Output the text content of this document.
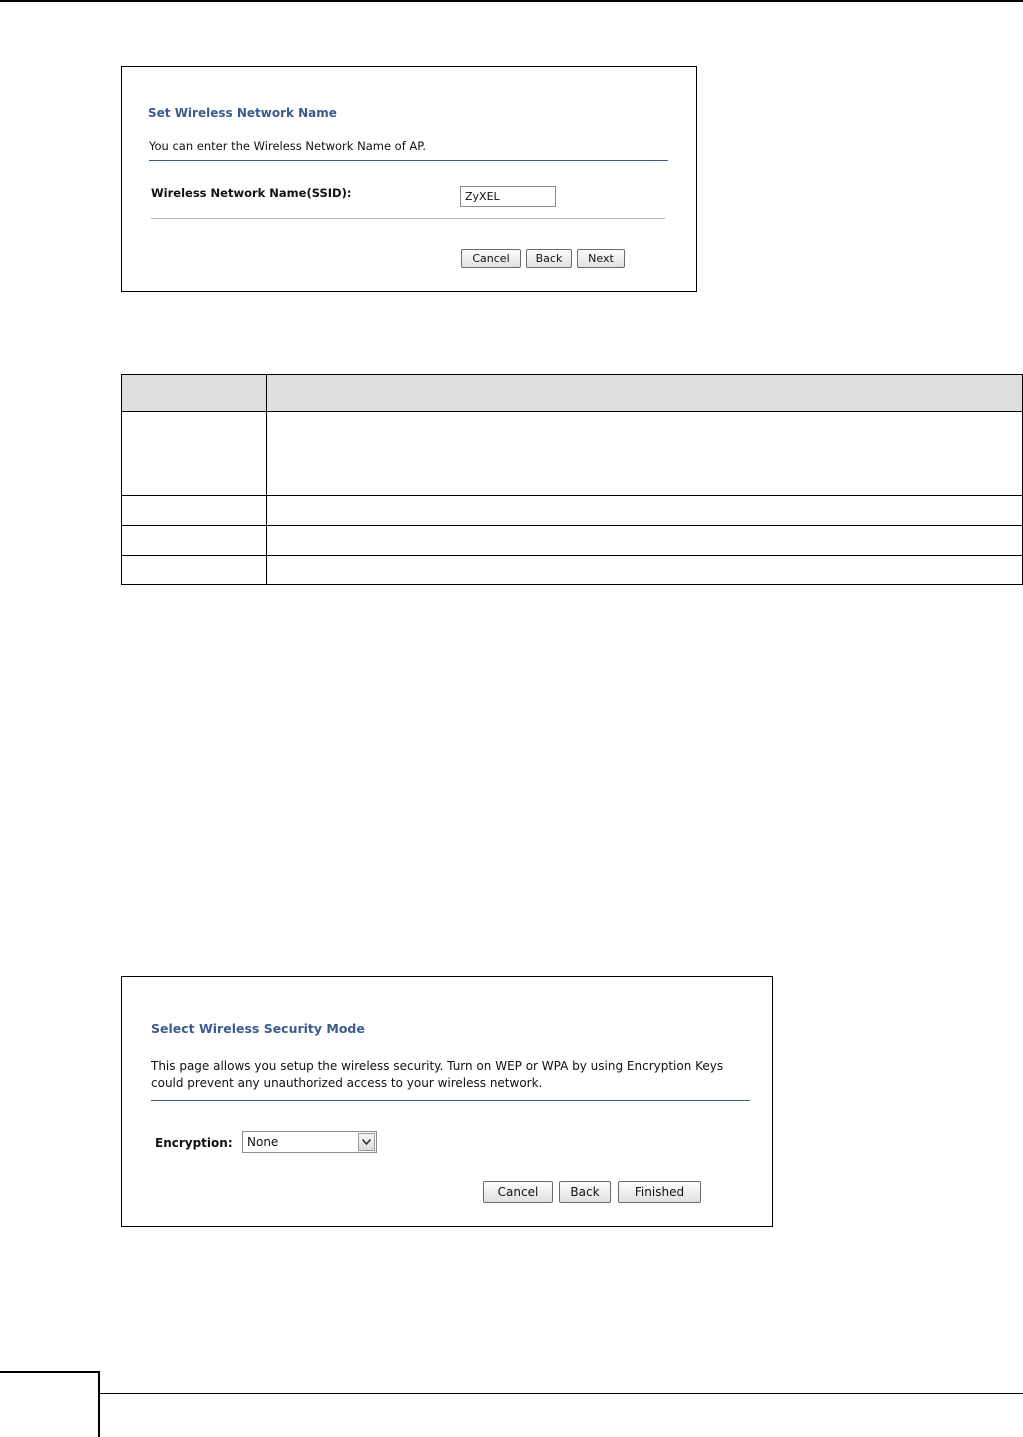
Set Wireless Network Name
You can enter the Wireless Network Name of AP.
Wireless Network Name(SSID):
ZyXEL
Cancel	Back	Next

Select Wireless Security Mode
This page allows you setup the wireless security. Turn on WEP or WPA by using Encryption Keys
could prevent any unauthorized access to your wireless network.
Encryption:	None
Cancel	Back	Finished
